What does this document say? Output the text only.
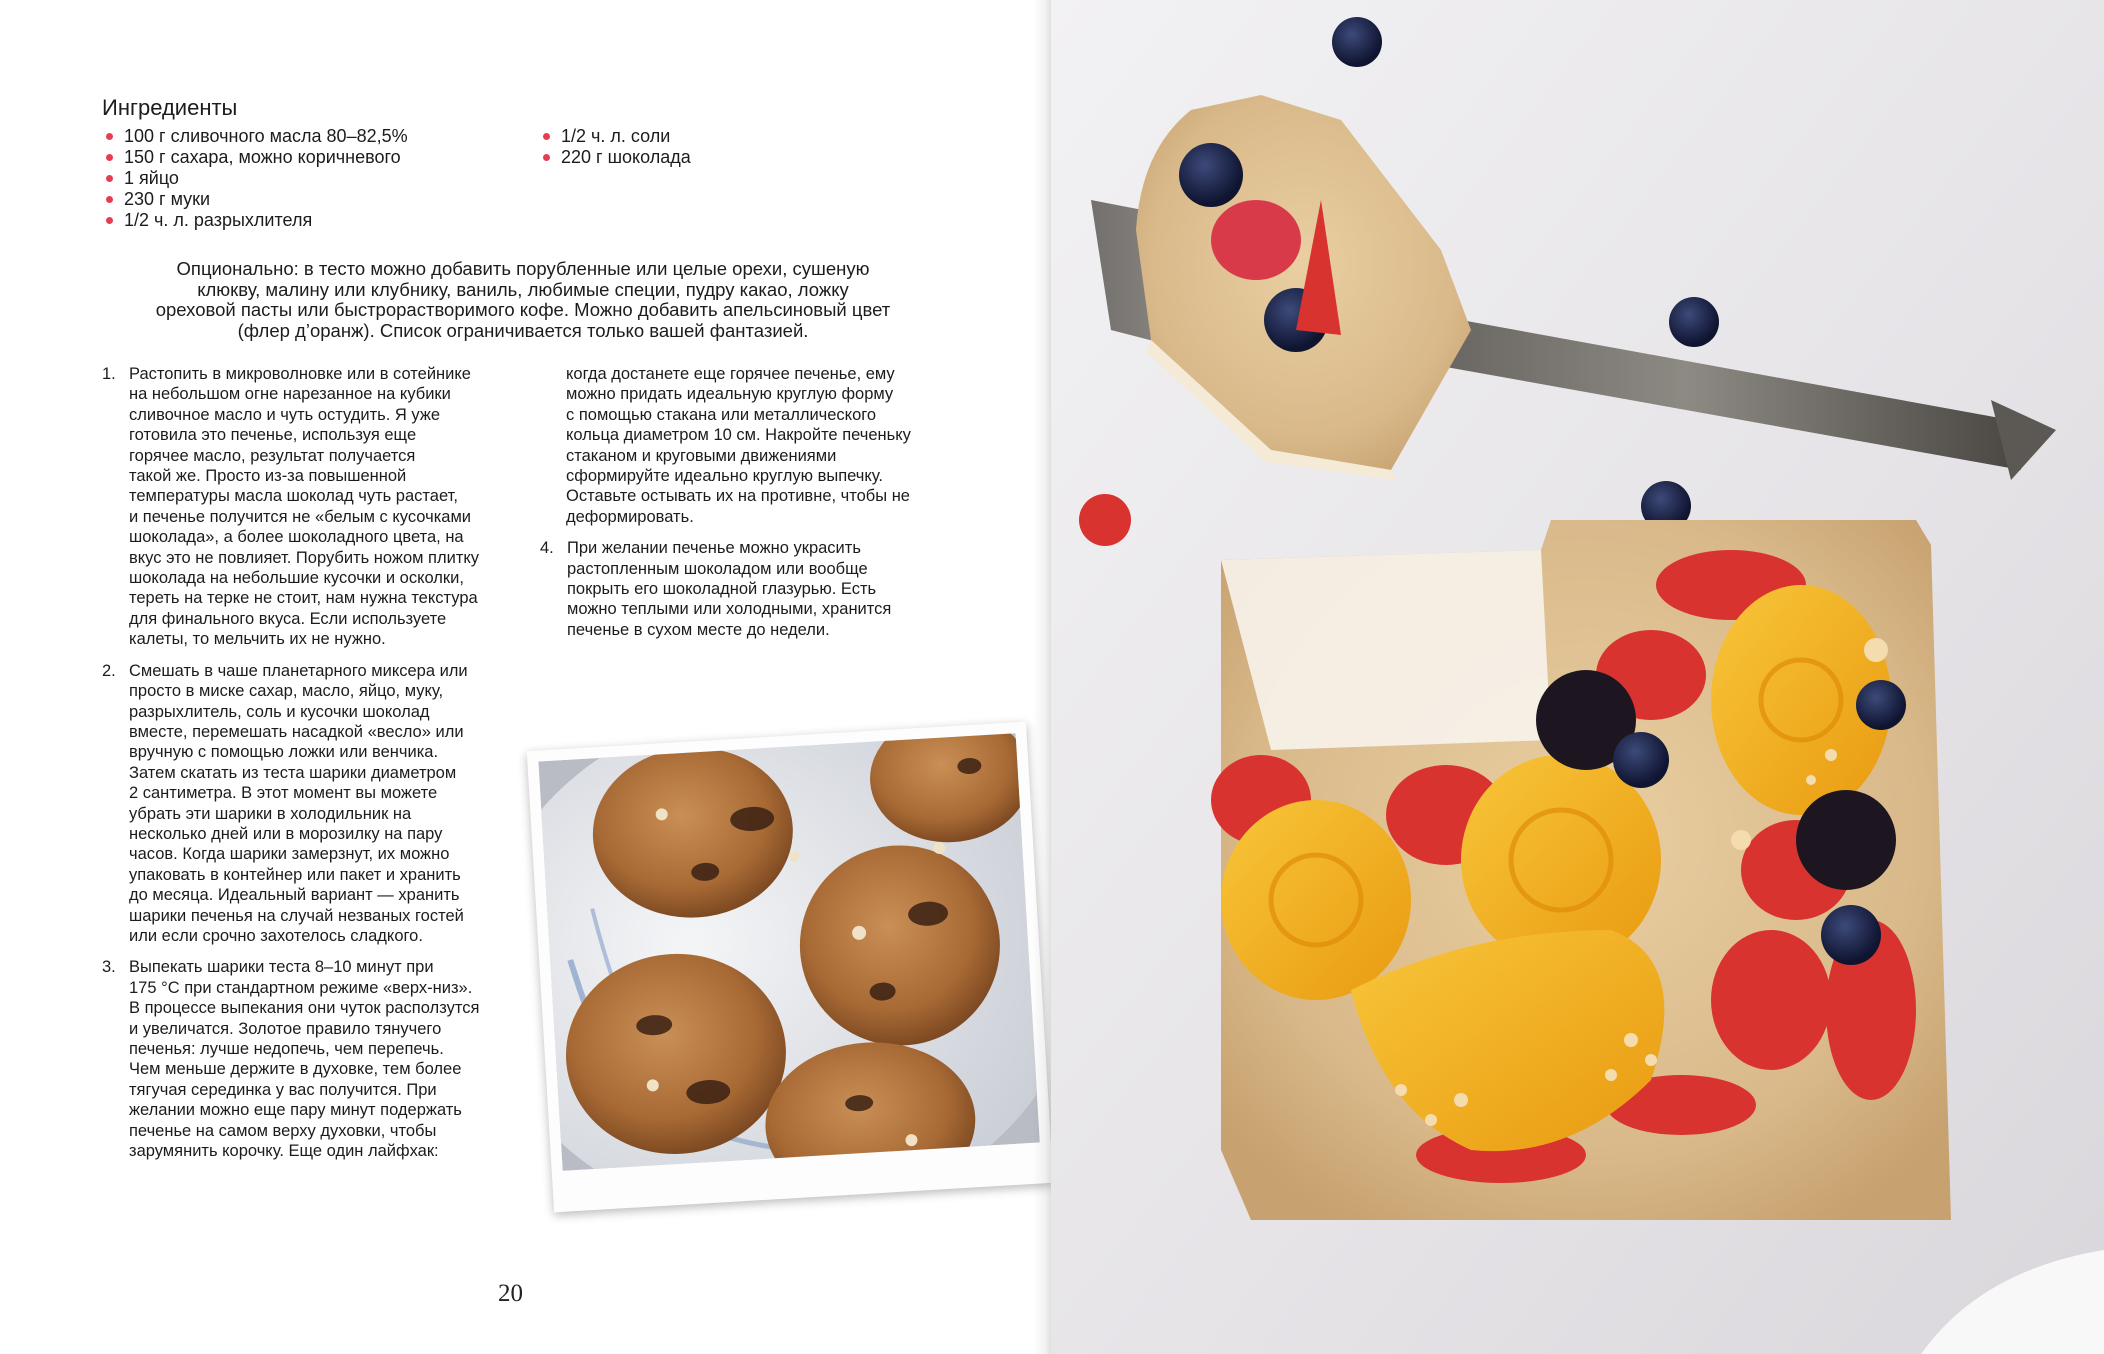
Ингредиенты
100 г сливочного масла 80–82,5%
150 г сахара, можно коричневого
1 яйцо
230 г муки
1/2 ч. л. разрыхлителя
1/2 ч. л. соли
220 г шоколада
Опционально: в тесто можно добавить порубленные или целые орехи, сушеную
клюкву, малину или клубнику, ваниль, любимые специи, пудру какао, ложку
ореховой пасты или быстрорастворимого кофе. Можно добавить апельсиновый цвет
(флер д’оранж). Список ограничивается только вашей фантазией.
1. Растопить в микроволновке или в сотейнике
на небольшом огне нарезанное на кубики
сливочное масло и чуть остудить. Я уже
готовила это печенье, используя еще
горячее масло, результат получается
такой же. Просто из-за повышенной
температуры масла шоколад чуть растает,
и печенье получится не «белым с кусочками
шоколада», а более шоколадного цвета, на
вкус это не повлияет. Порубить ножом плитку
шоколада на небольшие кусочки и осколки,
тереть на терке не стоит, нам нужна текстура
для финального вкуса. Если используете
калеты, то мельчить их не нужно.
2. Смешать в чаше планетарного миксера или
просто в миске сахар, масло, яйцо, муку,
разрыхлитель, соль и кусочки шоколад
вместе, перемешать насадкой «весло» или
вручную с помощью ложки или венчика.
Затем скатать из теста шарики диаметром
2 сантиметра. В этот момент вы можете
убрать эти шарики в холодильник на
несколько дней или в морозилку на пару
часов. Когда шарики замерзнут, их можно
упаковать в контейнер или пакет и хранить
до месяца. Идеальный вариант — хранить
шарики печенья на случай незваных гостей
или если срочно захотелось сладкого.
3. Выпекать шарики теста 8–10 минут при
175 °C при стандартном режиме «верх-низ».
В процессе выпекания они чуток расползутся
и увеличатся. Золотое правило тянучего
печенья: лучше недопечь, чем перепечь.
Чем меньше держите в духовке, тем более
тягучая серединка у вас получится. При
желании можно еще пару минут подержать
печенье на самом верху духовки, чтобы
зарумянить корочку. Еще один лайфхак:
когда достанете еще горячее печенье, ему
можно придать идеальную круглую форму
с помощью стакана или металлического
кольца диаметром 10 см. Накройте печеньку
стаканом и круговыми движениями
сформируйте идеально круглую выпечку.
Оставьте остывать их на противне, чтобы не
деформировать.
4. При желании печенье можно украсить
растопленным шоколадом или вообще
покрыть его шоколадной глазурью. Есть
можно теплыми или холодными, хранится
печенье в сухом месте до недели.
20
